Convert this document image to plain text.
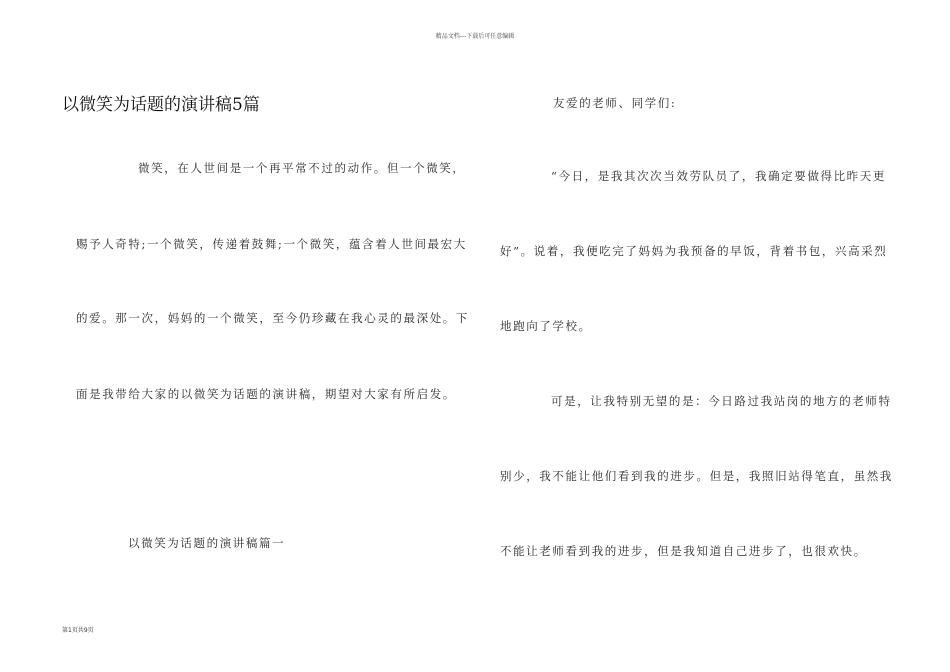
精品文档---下载后可任意编辑
以微笑为话题的演讲稿5篇
微笑，在人世间是一个再平常不过的动作。但一个微笑，
赐予人奇特;一个微笑，传递着鼓舞;一个微笑，蕴含着人世间最宏大
的爱。那一次，妈妈的一个微笑，至今仍珍藏在我心灵的最深处。下
面是我带给大家的以微笑为话题的演讲稿，期望对大家有所启发。
以微笑为话题的演讲稿篇一
友爱的老师、同学们:
“今日，是我其次次当效劳队员了，我确定要做得比昨天更
好”。说着，我便吃完了妈妈为我预备的早饭，背着书包，兴高采烈
地跑向了学校。
可是，让我特别无望的是：今日路过我站岗的地方的老师特
别少，我不能让他们看到我的进步。但是，我照旧站得笔直，虽然我
不能让老师看到我的进步，但是我知道自己进步了，也很欢快。
第1页共9页
